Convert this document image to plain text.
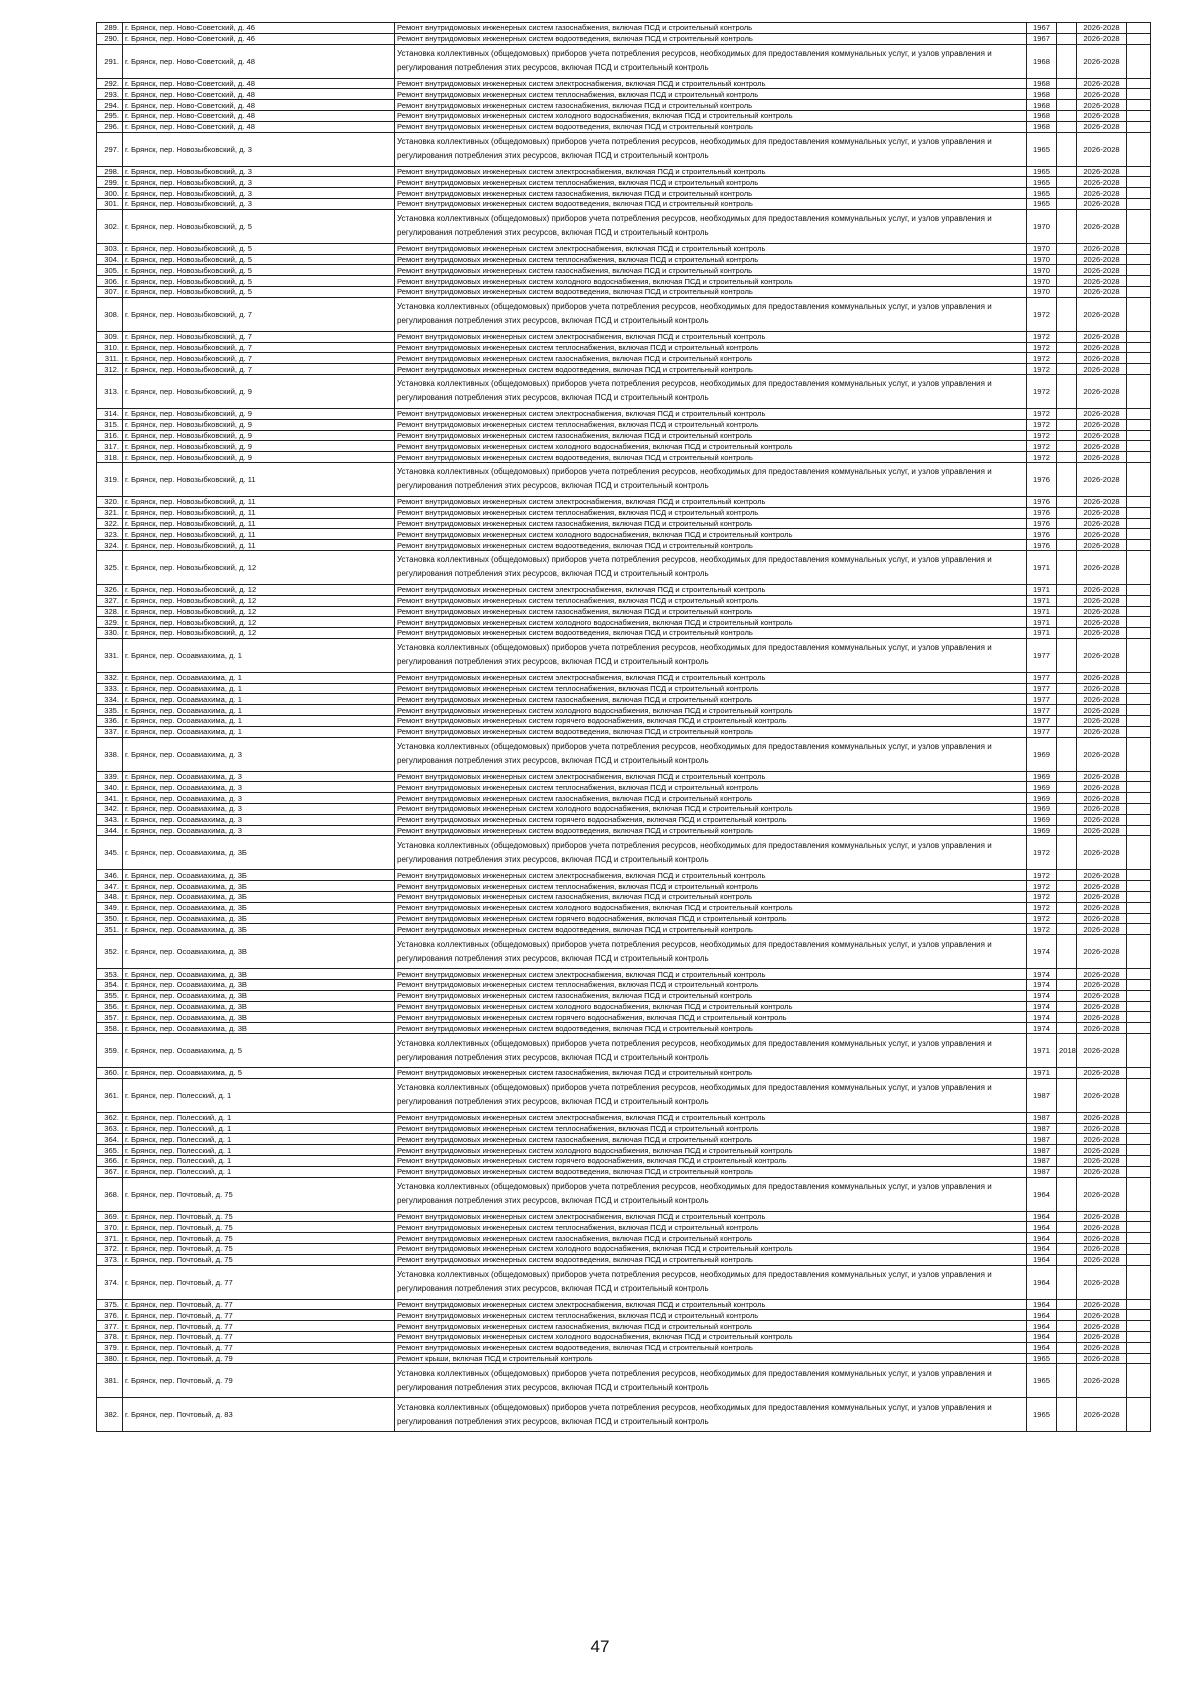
289.	г. Брянск, пер. Ново-Советский, д. 46	Ремонт внутридомовых инженерных систем газоснабжения, включая ПСД и строительный контроль	1967		2026-2028	
290.	г. Брянск, пер. Ново-Советский, д. 46	Ремонт внутридомовых инженерных систем водоотведения, включая ПСД и строительный контроль	1967		2026-2028	
291.	г. Брянск, пер. Ново-Советский, д. 48	Установка коллективных (общедомовых) приборов учета потребления ресурсов, необходимых для предоставления коммунальных услуг, и узлов управления и регулирования потребления этих ресурсов, включая ПСД и строительный контроль	1968		2026-2028	
292.	г. Брянск, пер. Ново-Советский, д. 48	Ремонт внутридомовых инженерных систем электроснабжения, включая ПСД и строительный контроль	1968		2026-2028	
293.	г. Брянск, пер. Ново-Советский, д. 48	Ремонт внутридомовых инженерных систем теплоснабжения, включая ПСД и строительный контроль	1968		2026-2028	
294.	г. Брянск, пер. Ново-Советский, д. 48	Ремонт внутридомовых инженерных систем газоснабжения, включая ПСД и строительный контроль	1968		2026-2028	
295.	г. Брянск, пер. Ново-Советский, д. 48	Ремонт внутридомовых инженерных систем холодного водоснабжения, включая ПСД и строительный контроль	1968		2026-2028	
296.	г. Брянск, пер. Ново-Советский, д. 48	Ремонт внутридомовых инженерных систем водоотведения, включая ПСД и строительный контроль	1968		2026-2028	
297.	г. Брянск, пер. Новозыбковский, д. 3	Установка коллективных (общедомовых) приборов учета потребления ресурсов, необходимых для предоставления коммунальных услуг, и узлов управления и регулирования потребления этих ресурсов, включая ПСД и строительный контроль	1965		2026-2028	
298.	г. Брянск, пер. Новозыбковский, д. 3	Ремонт внутридомовых инженерных систем электроснабжения, включая ПСД и строительный контроль	1965		2026-2028	
299.	г. Брянск, пер. Новозыбковский, д. 3	Ремонт внутридомовых инженерных систем теплоснабжения, включая ПСД и строительный контроль	1965		2026-2028	
300.	г. Брянск, пер. Новозыбковский, д. 3	Ремонт внутридомовых инженерных систем газоснабжения, включая ПСД и строительный контроль	1965		2026-2028	
301.	г. Брянск, пер. Новозыбковский, д. 3	Ремонт внутридомовых инженерных систем водоотведения, включая ПСД и строительный контроль	1965		2026-2028	
302.	г. Брянск, пер. Новозыбковский, д. 5	Установка коллективных (общедомовых) приборов учета потребления ресурсов, необходимых для предоставления коммунальных услуг, и узлов управления и регулирования потребления этих ресурсов, включая ПСД и строительный контроль	1970		2026-2028	
303.	г. Брянск, пер. Новозыбковский, д. 5	Ремонт внутридомовых инженерных систем электроснабжения, включая ПСД и строительный контроль	1970		2026-2028	
304.	г. Брянск, пер. Новозыбковский, д. 5	Ремонт внутридомовых инженерных систем теплоснабжения, включая ПСД и строительный контроль	1970		2026-2028	
305.	г. Брянск, пер. Новозыбковский, д. 5	Ремонт внутридомовых инженерных систем газоснабжения, включая ПСД и строительный контроль	1970		2026-2028	
306.	г. Брянск, пер. Новозыбковский, д. 5	Ремонт внутридомовых инженерных систем холодного водоснабжения, включая ПСД и строительный контроль	1970		2026-2028	
307.	г. Брянск, пер. Новозыбковский, д. 5	Ремонт внутридомовых инженерных систем водоотведения, включая ПСД и строительный контроль	1970		2026-2028	
308.	г. Брянск, пер. Новозыбковский, д. 7	Установка коллективных (общедомовых) приборов учета потребления ресурсов, необходимых для предоставления коммунальных услуг, и узлов управления и регулирования потребления этих ресурсов, включая ПСД и строительный контроль	1972		2026-2028	
309.	г. Брянск, пер. Новозыбковский, д. 7	Ремонт внутридомовых инженерных систем электроснабжения, включая ПСД и строительный контроль	1972		2026-2028	
310.	г. Брянск, пер. Новозыбковский, д. 7	Ремонт внутридомовых инженерных систем теплоснабжения, включая ПСД и строительный контроль	1972		2026-2028	
311.	г. Брянск, пер. Новозыбковский, д. 7	Ремонт внутридомовых инженерных систем газоснабжения, включая ПСД и строительный контроль	1972		2026-2028	
312.	г. Брянск, пер. Новозыбковский, д. 7	Ремонт внутридомовых инженерных систем водоотведения, включая ПСД и строительный контроль	1972		2026-2028	
313.	г. Брянск, пер. Новозыбковский, д. 9	Установка коллективных (общедомовых) приборов учета потребления ресурсов, необходимых для предоставления коммунальных услуг, и узлов управления и регулирования потребления этих ресурсов, включая ПСД и строительный контроль	1972		2026-2028	
314.	г. Брянск, пер. Новозыбковский, д. 9	Ремонт внутридомовых инженерных систем электроснабжения, включая ПСД и строительный контроль	1972		2026-2028	
315.	г. Брянск, пер. Новозыбковский, д. 9	Ремонт внутридомовых инженерных систем теплоснабжения, включая ПСД и строительный контроль	1972		2026-2028	
316.	г. Брянск, пер. Новозыбковский, д. 9	Ремонт внутридомовых инженерных систем газоснабжения, включая ПСД и строительный контроль	1972		2026-2028	
317.	г. Брянск, пер. Новозыбковский, д. 9	Ремонт внутридомовых инженерных систем холодного водоснабжения, включая ПСД и строительный контроль	1972		2026-2028	
318.	г. Брянск, пер. Новозыбковский, д. 9	Ремонт внутридомовых инженерных систем водоотведения, включая ПСД и строительный контроль	1972		2026-2028	
319.	г. Брянск, пер. Новозыбковский, д. 11	Установка коллективных (общедомовых) приборов учета потребления ресурсов, необходимых для предоставления коммунальных услуг, и узлов управления и регулирования потребления этих ресурсов, включая ПСД и строительный контроль	1976		2026-2028	
320.	г. Брянск, пер. Новозыбковский, д. 11	Ремонт внутридомовых инженерных систем электроснабжения, включая ПСД и строительный контроль	1976		2026-2028	
321.	г. Брянск, пер. Новозыбковский, д. 11	Ремонт внутридомовых инженерных систем теплоснабжения, включая ПСД и строительный контроль	1976		2026-2028	
322.	г. Брянск, пер. Новозыбковский, д. 11	Ремонт внутридомовых инженерных систем газоснабжения, включая ПСД и строительный контроль	1976		2026-2028	
323.	г. Брянск, пер. Новозыбковский, д. 11	Ремонт внутридомовых инженерных систем холодного водоснабжения, включая ПСД и строительный контроль	1976		2026-2028	
324.	г. Брянск, пер. Новозыбковский, д. 11	Ремонт внутридомовых инженерных систем водоотведения, включая ПСД и строительный контроль	1976		2026-2028	
325.	г. Брянск, пер. Новозыбковский, д. 12	Установка коллективных (общедомовых) приборов учета потребления ресурсов, необходимых для предоставления коммунальных услуг, и узлов управления и регулирования потребления этих ресурсов, включая ПСД и строительный контроль	1971		2026-2028	
326.	г. Брянск, пер. Новозыбковский, д. 12	Ремонт внутридомовых инженерных систем электроснабжения, включая ПСД и строительный контроль	1971		2026-2028	
327.	г. Брянск, пер. Новозыбковский, д. 12	Ремонт внутридомовых инженерных систем теплоснабжения, включая ПСД и строительный контроль	1971		2026-2028	
328.	г. Брянск, пер. Новозыбковский, д. 12	Ремонт внутридомовых инженерных систем газоснабжения, включая ПСД и строительный контроль	1971		2026-2028	
329.	г. Брянск, пер. Новозыбковский, д. 12	Ремонт внутридомовых инженерных систем холодного водоснабжения, включая ПСД и строительный контроль	1971		2026-2028	
330.	г. Брянск, пер. Новозыбковский, д. 12	Ремонт внутридомовых инженерных систем водоотведения, включая ПСД и строительный контроль	1971		2026-2028	
331.	г. Брянск, пер. Осоавиахима, д. 1	Установка коллективных (общедомовых) приборов учета потребления ресурсов, необходимых для предоставления коммунальных услуг, и узлов управления и регулирования потребления этих ресурсов, включая ПСД и строительный контроль	1977		2026-2028	
332.	г. Брянск, пер. Осоавиахима, д. 1	Ремонт внутридомовых инженерных систем электроснабжения, включая ПСД и строительный контроль	1977		2026-2028	
333.	г. Брянск, пер. Осоавиахима, д. 1	Ремонт внутридомовых инженерных систем теплоснабжения, включая ПСД и строительный контроль	1977		2026-2028	
334.	г. Брянск, пер. Осоавиахима, д. 1	Ремонт внутридомовых инженерных систем газоснабжения, включая ПСД и строительный контроль	1977		2026-2028	
335.	г. Брянск, пер. Осоавиахима, д. 1	Ремонт внутридомовых инженерных систем холодного водоснабжения, включая ПСД и строительный контроль	1977		2026-2028	
336.	г. Брянск, пер. Осоавиахима, д. 1	Ремонт внутридомовых инженерных систем горячего водоснабжения, включая ПСД и строительный контроль	1977		2026-2028	
337.	г. Брянск, пер. Осоавиахима, д. 1	Ремонт внутридомовых инженерных систем водоотведения, включая ПСД и строительный контроль	1977		2026-2028	
338.	г. Брянск, пер. Осоавиахима, д. 3	Установка коллективных (общедомовых) приборов учета потребления ресурсов, необходимых для предоставления коммунальных услуг, и узлов управления и регулирования потребления этих ресурсов, включая ПСД и строительный контроль	1969		2026-2028	
339.	г. Брянск, пер. Осоавиахима, д. 3	Ремонт внутридомовых инженерных систем электроснабжения, включая ПСД и строительный контроль	1969		2026-2028	
340.	г. Брянск, пер. Осоавиахима, д. 3	Ремонт внутридомовых инженерных систем теплоснабжения, включая ПСД и строительный контроль	1969		2026-2028	
341.	г. Брянск, пер. Осоавиахима, д. 3	Ремонт внутридомовых инженерных систем газоснабжения, включая ПСД и строительный контроль	1969		2026-2028	
342.	г. Брянск, пер. Осоавиахима, д. 3	Ремонт внутридомовых инженерных систем холодного водоснабжения, включая ПСД и строительный контроль	1969		2026-2028	
343.	г. Брянск, пер. Осоавиахима, д. 3	Ремонт внутридомовых инженерных систем горячего водоснабжения, включая ПСД и строительный контроль	1969		2026-2028	
344.	г. Брянск, пер. Осоавиахима, д. 3	Ремонт внутридомовых инженерных систем водоотведения, включая ПСД и строительный контроль	1969		2026-2028	
345.	г. Брянск, пер. Осоавиахима, д. 3Б	Установка коллективных (общедомовых) приборов учета потребления ресурсов, необходимых для предоставления коммунальных услуг, и узлов управления и регулирования потребления этих ресурсов, включая ПСД и строительный контроль	1972		2026-2028	
346.	г. Брянск, пер. Осоавиахима, д. 3Б	Ремонт внутридомовых инженерных систем электроснабжения, включая ПСД и строительный контроль	1972		2026-2028	
347.	г. Брянск, пер. Осоавиахима, д. 3Б	Ремонт внутридомовых инженерных систем теплоснабжения, включая ПСД и строительный контроль	1972		2026-2028	
348.	г. Брянск, пер. Осоавиахима, д. 3Б	Ремонт внутридомовых инженерных систем газоснабжения, включая ПСД и строительный контроль	1972		2026-2028	
349.	г. Брянск, пер. Осоавиахима, д. 3Б	Ремонт внутридомовых инженерных систем холодного водоснабжения, включая ПСД и строительный контроль	1972		2026-2028	
350.	г. Брянск, пер. Осоавиахима, д. 3Б	Ремонт внутридомовых инженерных систем горячего водоснабжения, включая ПСД и строительный контроль	1972		2026-2028	
351.	г. Брянск, пер. Осоавиахима, д. 3Б	Ремонт внутридомовых инженерных систем водоотведения, включая ПСД и строительный контроль	1972		2026-2028	
352.	г. Брянск, пер. Осоавиахима, д. 3В	Установка коллективных (общедомовых) приборов учета потребления ресурсов, необходимых для предоставления коммунальных услуг, и узлов управления и регулирования потребления этих ресурсов, включая ПСД и строительный контроль	1974		2026-2028	
353.	г. Брянск, пер. Осоавиахима, д. 3В	Ремонт внутридомовых инженерных систем электроснабжения, включая ПСД и строительный контроль	1974		2026-2028	
354.	г. Брянск, пер. Осоавиахима, д. 3В	Ремонт внутридомовых инженерных систем теплоснабжения, включая ПСД и строительный контроль	1974		2026-2028	
355.	г. Брянск, пер. Осоавиахима, д. 3В	Ремонт внутридомовых инженерных систем газоснабжения, включая ПСД и строительный контроль	1974		2026-2028	
356.	г. Брянск, пер. Осоавиахима, д. 3В	Ремонт внутридомовых инженерных систем холодного водоснабжения, включая ПСД и строительный контроль	1974		2026-2028	
357.	г. Брянск, пер. Осоавиахима, д. 3В	Ремонт внутридомовых инженерных систем горячего водоснабжения, включая ПСД и строительный контроль	1974		2026-2028	
358.	г. Брянск, пер. Осоавиахима, д. 3В	Ремонт внутридомовых инженерных систем водоотведения, включая ПСД и строительный контроль	1974		2026-2028	
359.	г. Брянск, пер. Осоавиахима, д. 5	Установка коллективных (общедомовых) приборов учета потребления ресурсов, необходимых для предоставления коммунальных услуг, и узлов управления и регулирования потребления этих ресурсов, включая ПСД и строительный контроль	1971	2018	2026-2028	
360.	г. Брянск, пер. Осоавиахима, д. 5	Ремонт внутридомовых инженерных систем газоснабжения, включая ПСД и строительный контроль	1971		2026-2028	
361.	г. Брянск, пер. Полесский, д. 1	Установка коллективных (общедомовых) приборов учета потребления ресурсов, необходимых для предоставления коммунальных услуг, и узлов управления и регулирования потребления этих ресурсов, включая ПСД и строительный контроль	1987		2026-2028	
362.	г. Брянск, пер. Полесский, д. 1	Ремонт внутридомовых инженерных систем электроснабжения, включая ПСД и строительный контроль	1987		2026-2028	
363.	г. Брянск, пер. Полесский, д. 1	Ремонт внутридомовых инженерных систем теплоснабжения, включая ПСД и строительный контроль	1987		2026-2028	
364.	г. Брянск, пер. Полесский, д. 1	Ремонт внутридомовых инженерных систем газоснабжения, включая ПСД и строительный контроль	1987		2026-2028	
365.	г. Брянск, пер. Полесский, д. 1	Ремонт внутридомовых инженерных систем холодного водоснабжения, включая ПСД и строительный контроль	1987		2026-2028	
366.	г. Брянск, пер. Полесский, д. 1	Ремонт внутридомовых инженерных систем горячего водоснабжения, включая ПСД и строительный контроль	1987		2026-2028	
367.	г. Брянск, пер. Полесский, д. 1	Ремонт внутридомовых инженерных систем водоотведения, включая ПСД и строительный контроль	1987		2026-2028	
368.	г. Брянск, пер. Почтовый, д. 75	Установка коллективных (общедомовых) приборов учета потребления ресурсов, необходимых для предоставления коммунальных услуг, и узлов управления и регулирования потребления этих ресурсов, включая ПСД и строительный контроль	1964		2026-2028	
369.	г. Брянск, пер. Почтовый, д. 75	Ремонт внутридомовых инженерных систем электроснабжения, включая ПСД и строительный контроль	1964		2026-2028	
370.	г. Брянск, пер. Почтовый, д. 75	Ремонт внутридомовых инженерных систем теплоснабжения, включая ПСД и строительный контроль	1964		2026-2028	
371.	г. Брянск, пер. Почтовый, д. 75	Ремонт внутридомовых инженерных систем газоснабжения, включая ПСД и строительный контроль	1964		2026-2028	
372.	г. Брянск, пер. Почтовый, д. 75	Ремонт внутридомовых инженерных систем холодного водоснабжения, включая ПСД и строительный контроль	1964		2026-2028	
373.	г. Брянск, пер. Почтовый, д. 75	Ремонт внутридомовых инженерных систем водоотведения, включая ПСД и строительный контроль	1964		2026-2028	
374.	г. Брянск, пер. Почтовый, д. 77	Установка коллективных (общедомовых) приборов учета потребления ресурсов, необходимых для предоставления коммунальных услуг, и узлов управления и регулирования потребления этих ресурсов, включая ПСД и строительный контроль	1964		2026-2028	
375.	г. Брянск, пер. Почтовый, д. 77	Ремонт внутридомовых инженерных систем электроснабжения, включая ПСД и строительный контроль	1964		2026-2028	
376.	г. Брянск, пер. Почтовый, д. 77	Ремонт внутридомовых инженерных систем теплоснабжения, включая ПСД и строительный контроль	1964		2026-2028	
377.	г. Брянск, пер. Почтовый, д. 77	Ремонт внутридомовых инженерных систем газоснабжения, включая ПСД и строительный контроль	1964		2026-2028	
378.	г. Брянск, пер. Почтовый, д. 77	Ремонт внутридомовых инженерных систем холодного водоснабжения, включая ПСД и строительный контроль	1964		2026-2028	
379.	г. Брянск, пер. Почтовый, д. 77	Ремонт внутридомовых инженерных систем водоотведения, включая ПСД и строительный контроль	1964		2026-2028	
380.	г. Брянск, пер. Почтовый, д. 79	Ремонт крыши, включая ПСД и строительный контроль	1965		2026-2028	
381.	г. Брянск, пер. Почтовый, д. 79	Установка коллективных (общедомовых) приборов учета потребления ресурсов, необходимых для предоставления коммунальных услуг, и узлов управления и регулирования потребления этих ресурсов, включая ПСД и строительный контроль	1965		2026-2028	
382.	г. Брянск, пер. Почтовый, д. 83	Установка коллективных (общедомовых) приборов учета потребления ресурсов, необходимых для предоставления коммунальных услуг, и узлов управления и регулирования потребления этих ресурсов, включая ПСД и строительный контроль	1965		2026-2028	
47
